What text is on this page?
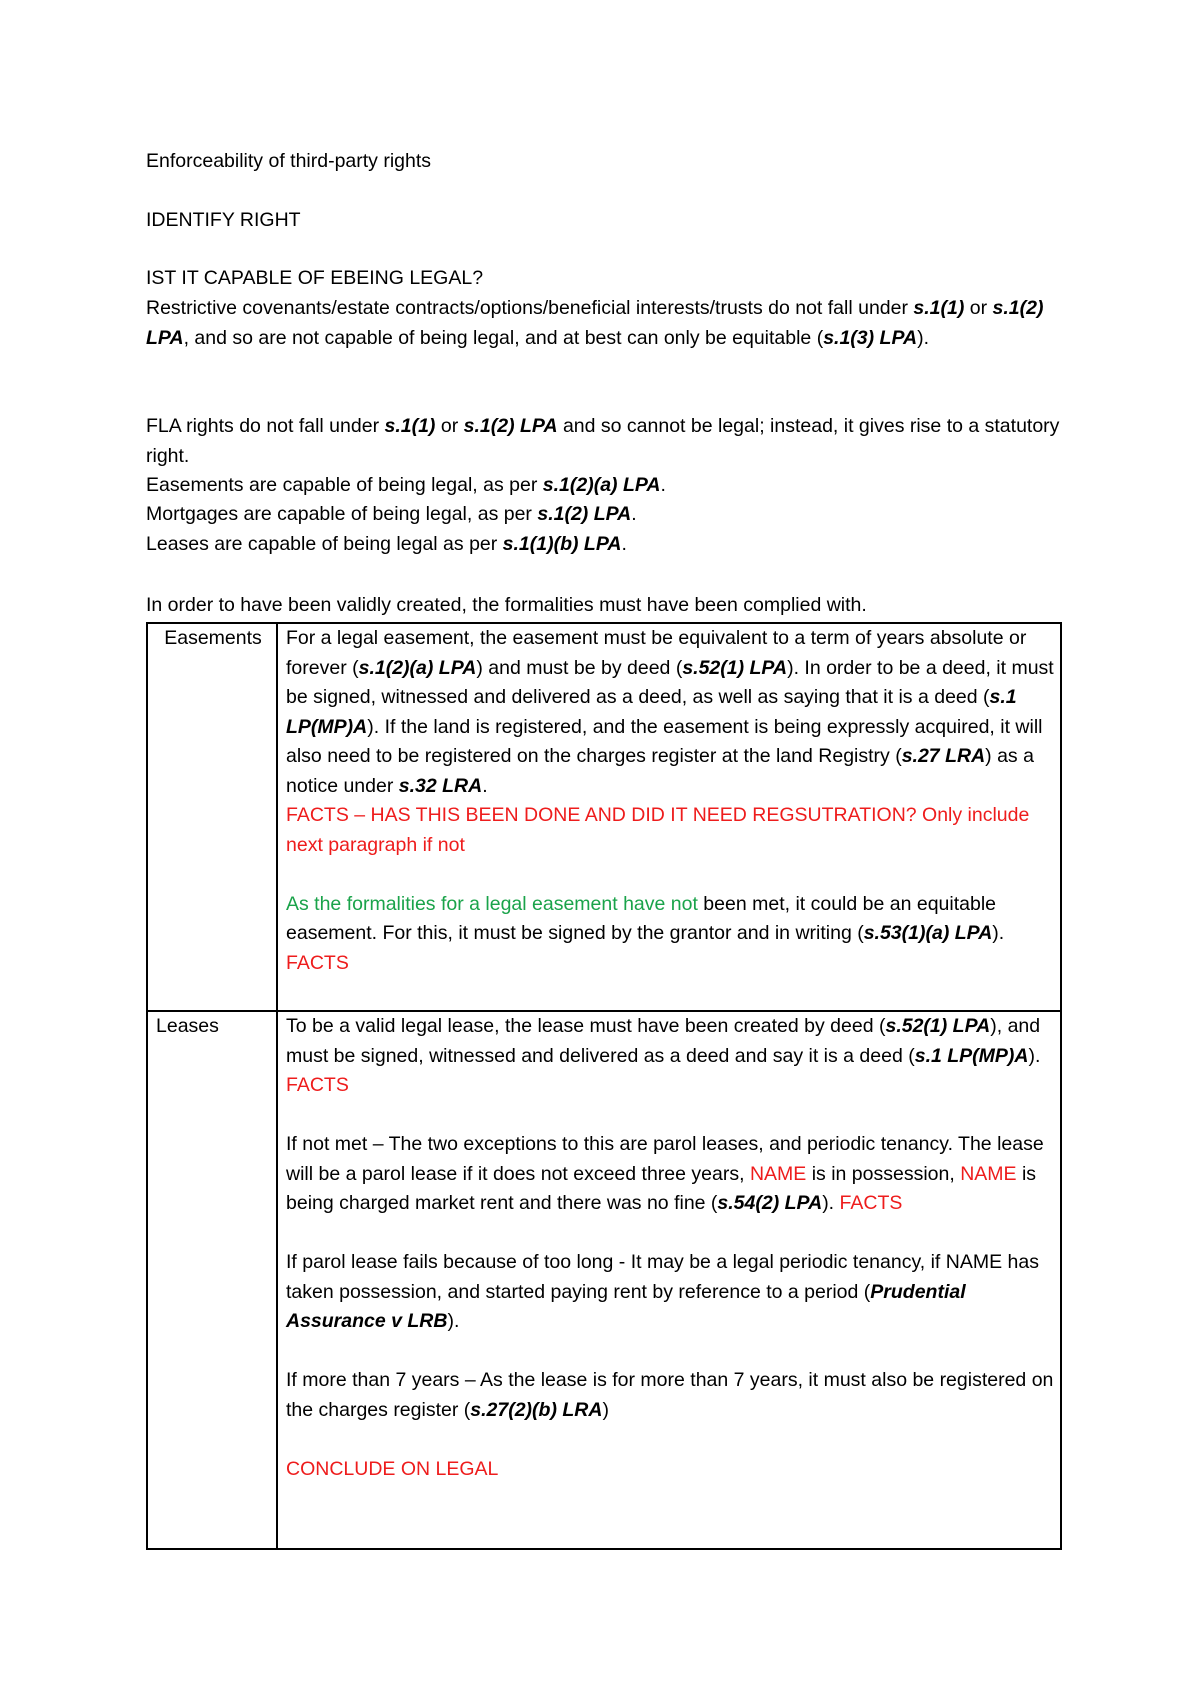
Enforceability of third-party rights

IDENTIFY RIGHT

IST IT CAPABLE OF EBEING LEGAL?

Restrictive covenants/estate contracts/options/beneficial interests/trusts do not fall under s.1(1) or s.1(2) LPA, and so are not capable of being legal, and at best can only be equitable (s.1(3) LPA).

FLA rights do not fall under s.1(1) or s.1(2) LPA and so cannot be legal; instead, it gives rise to a statutory right.

Easements are capable of being legal, as per s.1(2)(a) LPA.

Mortgages are capable of being legal, as per s.1(2) LPA.

Leases are capable of being legal as per s.1(1)(b) LPA.

In order to have been validly created, the formalities must have been complied with.

Easements	For a legal easement, the easement must be equivalent to a term of years absolute or forever (s.1(2)(a) LPA) and must be by deed (s.52(1) LPA). In order to be a deed, it must be signed, witnessed and delivered as a deed, as well as saying that it is a deed (s.1 LP(MP)A). If the land is registered, and the easement is being expressly acquired, it will also need to be registered on the charges register at the land Registry (s.27 LRA) as a notice under s.32 LRA.

FACTS – HAS THIS BEEN DONE AND DID IT NEED REGSUTRATION? Only include next paragraph if not

As the formalities for a legal easement have not been met, it could be an equitable easement. For this, it must be signed by the grantor and in writing (s.53(1)(a) LPA). FACTS

Leases	To be a valid legal lease, the lease must have been created by deed (s.52(1) LPA), and must be signed, witnessed and delivered as a deed and say it is a deed (s.1 LP(MP)A). FACTS

If not met – The two exceptions to this are parol leases, and periodic tenancy. The lease will be a parol lease if it does not exceed three years, NAME is in possession, NAME is being charged market rent and there was no fine (s.54(2) LPA). FACTS

If parol lease fails because of too long - It may be a legal periodic tenancy, if NAME has taken possession, and started paying rent by reference to a period (Prudential Assurance v LRB).

If more than 7 years – As the lease is for more than 7 years, it must also be registered on the charges register (s.27(2)(b) LRA)

CONCLUDE ON LEGAL
